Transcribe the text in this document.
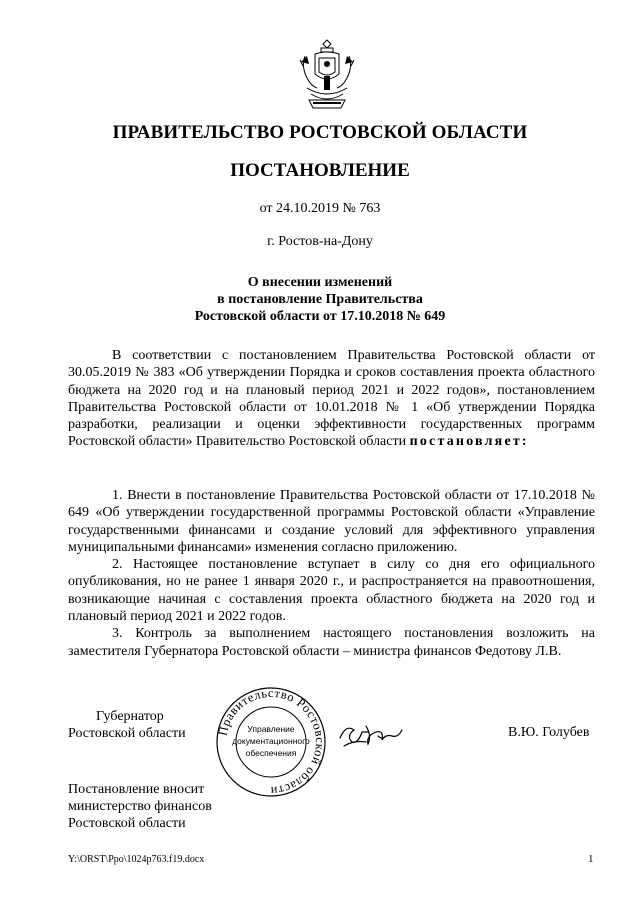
ПРАВИТЕЛЬСТВО РОСТОВСКОЙ ОБЛАСТИ
ПОСТАНОВЛЕНИЕ
от 24.10.2019 № 763
г. Ростов-на-Дону
О внесении изменений
в постановление Правительства
Ростовской области от 17.10.2018 № 649

В соответствии с постановлением Правительства Ростовской области от 30.05.2019 № 383 «Об утверждении Порядка и сроков составления проекта областного бюджета на 2020 год и на плановый период 2021 и 2022 годов», постановлением Правительства Ростовской области от 10.01.2018 № 1 «Об утверждении Порядка разработки, реализации и оценки эффективности государственных программ Ростовской области» Правительство Ростовской области постановляет:

1. Внести в постановление Правительства Ростовской области от 17.10.2018 № 649 «Об утверждении государственной программы Ростовской области «Управление государственными финансами и создание условий для эффективного управления муниципальными финансами» изменения согласно приложению.

2. Настоящее постановление вступает в силу со дня его официального опубликования, но не ранее 1 января 2020 г., и распространяется на правоотношения, возникающие начиная с составления проекта областного бюджета на 2020 год и плановый период 2021 и 2022 годов.

3. Контроль за выполнением настоящего постановления возложить на заместителя Губернатора Ростовской области – министра финансов Федотову Л.В.

Губернатор
Ростовской области Правительство Ростовской области
Управление
документационного
обеспечения
В.Ю. Голубев
Постановление вносит
министерство финансов
Ростовской области
Y:\ORST\Ppo\1024p763.f19.docx	1
